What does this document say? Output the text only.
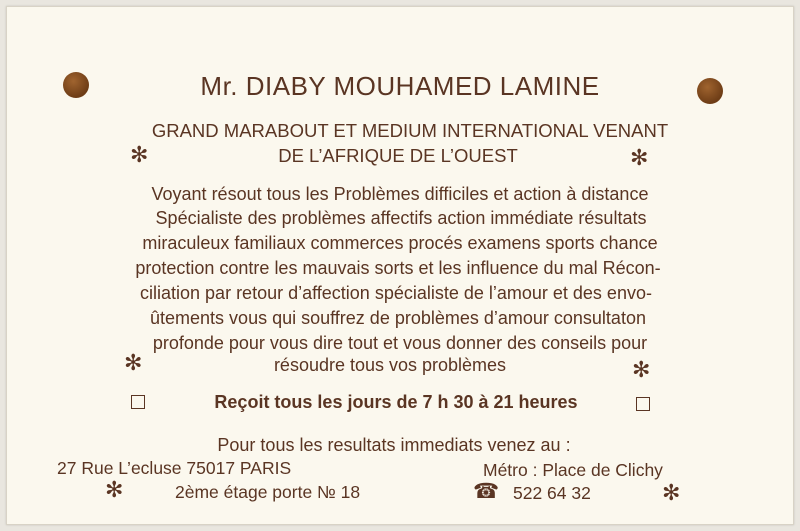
Mr. DIABY MOUHAMED LAMINE
GRAND MARABOUT ET MEDIUM INTERNATIONAL VENANT
DE L’AFRIQUE DE L’OUEST
✻	✻
Voyant résout tous les Problèmes difficiles et action à distance
Spécialiste des problèmes affectifs action immédiate résultats
miraculeux familiaux commerces procés examens sports chance
protection contre les mauvais sorts et les influence du mal Récon-
ciliation par retour d’affection spécialiste de l’amour et des envo-
ûtements vous qui souffrez de problèmes d’amour consultaton
profonde pour vous dire tout et vous donner des conseils pour
résoudre tous vos problèmes
✻	✻
Reçoit tous les jours de 7 h 30 à 21 heures
Pour tous les resultats immediats venez au :
27 Rue L’ecluse 75017 PARIS	Métro : Place de Clichy
✻	2ème étage porte № 18	☎ 522 64 32	✻
